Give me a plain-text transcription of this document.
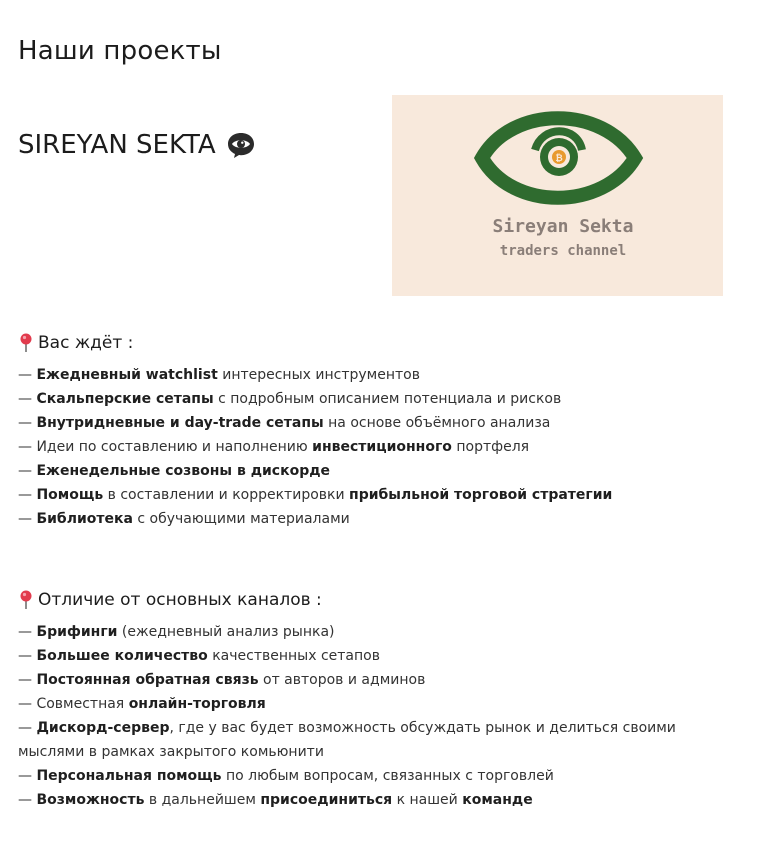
Наши проекты
SIREYAN SEKTA	₿
Sireyan Sekta
traders channel
Вас ждёт :
— Ежедневный watchlist интересных инструментов
— Скальперские сетапы с подробным описанием потенциала и рисков
— Внутридневные и day-trade сетапы на основе объёмного анализа
— Идеи по составлению и наполнению инвестиционного портфеля
— Еженедельные созвоны в дискорде
— Помощь в составлении и корректировки прибыльной торговой стратегии
— Библиотека с обучающими материалами
Отличие от основных каналов :
— Брифинги (ежедневный анализ рынка)
— Большее количество качественных сетапов
— Постоянная обратная связь от авторов и админов
— Совместная онлайн-торговля
— Дискорд-сервер, где у вас будет возможность обсуждать рынок и делиться своими мыслями в рамках закрытого комьюнити
— Персональная помощь по любым вопросам, связанных с торговлей
— Возможность в дальнейшем присоединиться к нашей команде
